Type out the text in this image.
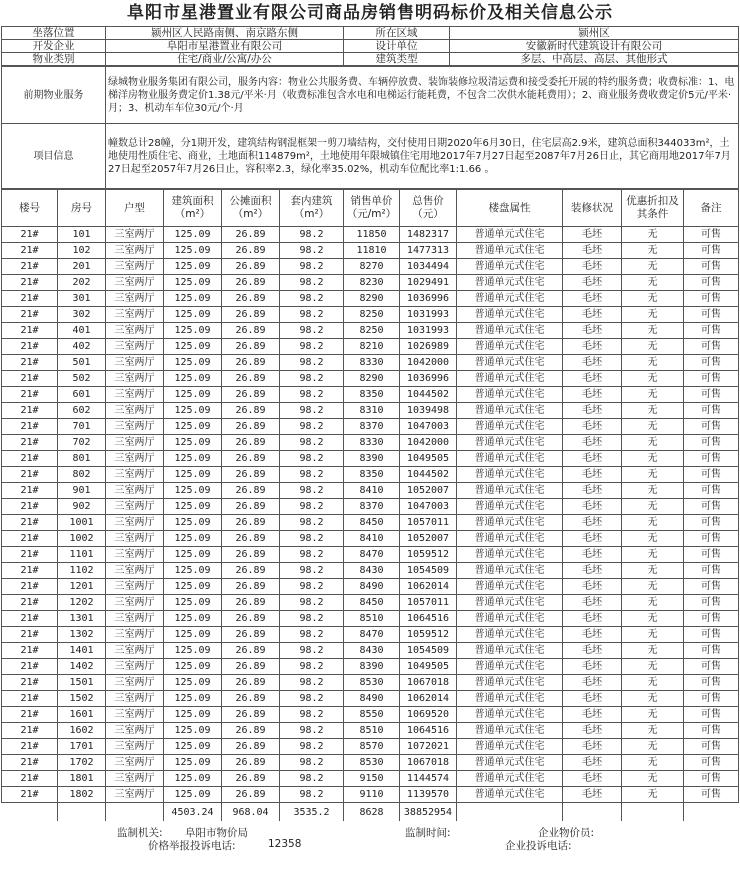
阜阳市星港置业有限公司商品房销售明码标价及相关信息公示
坐落位置	颍州区人民路南侧、南京路东侧	所在区域	颍州区
开发企业	阜阳市星港置业有限公司	设计单位	安徽新时代建筑设计有限公司
物业类别	住宅/商业/公寓/办公	建筑类型	多层、中高层、高层、其他形式
前期物业服务	绿城物业服务集团有限公司，服务内容：物业公共服务费、车辆停放费、装饰装修垃圾清运费和接受委托开展的特约服务费；收费标准：1、电梯洋房物业服务费定价1.38元/平米·月（收费标准包含水电和电梯运行能耗费，不包含二次供水能耗费用）；2、商业服务费收费定价5元/平米·月；3、机动车车位30元/个·月
项目信息	幢数总计28幢，分1期开发，建筑结构钢混框架一剪刀墙结构，交付使用日期2020年6月30日，住宅层高2.9米，建筑总面积344033m²，土地使用性质住宅、商业，土地面积114879m²，土地使用年限城镇住宅用地2017年7月27日起至2087年7月26日止，其它商用地2017年7月27日起至2057年7月26日止，容积率2.3，绿化率35.02%，机动车位配比率1:1.66 。
楼号	房号	户型	建筑面积（m²）	公摊面积（m²）	套内建筑（m²）	销售单价（元/m²）	总售价（元）	楼盘属性	装修状况	优惠折扣及其条件	备注
21#	101	三室两厅	125.09	26.89	98.2	11850	1482317	普通单元式住宅	毛坯	无	可售
21#	102	三室两厅	125.09	26.89	98.2	11810	1477313	普通单元式住宅	毛坯	无	可售
21#	201	三室两厅	125.09	26.89	98.2	8270	1034494	普通单元式住宅	毛坯	无	可售
21#	202	三室两厅	125.09	26.89	98.2	8230	1029491	普通单元式住宅	毛坯	无	可售
21#	301	三室两厅	125.09	26.89	98.2	8290	1036996	普通单元式住宅	毛坯	无	可售
21#	302	三室两厅	125.09	26.89	98.2	8250	1031993	普通单元式住宅	毛坯	无	可售
21#	401	三室两厅	125.09	26.89	98.2	8250	1031993	普通单元式住宅	毛坯	无	可售
21#	402	三室两厅	125.09	26.89	98.2	8210	1026989	普通单元式住宅	毛坯	无	可售
21#	501	三室两厅	125.09	26.89	98.2	8330	1042000	普通单元式住宅	毛坯	无	可售
21#	502	三室两厅	125.09	26.89	98.2	8290	1036996	普通单元式住宅	毛坯	无	可售
21#	601	三室两厅	125.09	26.89	98.2	8350	1044502	普通单元式住宅	毛坯	无	可售
21#	602	三室两厅	125.09	26.89	98.2	8310	1039498	普通单元式住宅	毛坯	无	可售
21#	701	三室两厅	125.09	26.89	98.2	8370	1047003	普通单元式住宅	毛坯	无	可售
21#	702	三室两厅	125.09	26.89	98.2	8330	1042000	普通单元式住宅	毛坯	无	可售
21#	801	三室两厅	125.09	26.89	98.2	8390	1049505	普通单元式住宅	毛坯	无	可售
21#	802	三室两厅	125.09	26.89	98.2	8350	1044502	普通单元式住宅	毛坯	无	可售
21#	901	三室两厅	125.09	26.89	98.2	8410	1052007	普通单元式住宅	毛坯	无	可售
21#	902	三室两厅	125.09	26.89	98.2	8370	1047003	普通单元式住宅	毛坯	无	可售
21#	1001	三室两厅	125.09	26.89	98.2	8450	1057011	普通单元式住宅	毛坯	无	可售
21#	1002	三室两厅	125.09	26.89	98.2	8410	1052007	普通单元式住宅	毛坯	无	可售
21#	1101	三室两厅	125.09	26.89	98.2	8470	1059512	普通单元式住宅	毛坯	无	可售
21#	1102	三室两厅	125.09	26.89	98.2	8430	1054509	普通单元式住宅	毛坯	无	可售
21#	1201	三室两厅	125.09	26.89	98.2	8490	1062014	普通单元式住宅	毛坯	无	可售
21#	1202	三室两厅	125.09	26.89	98.2	8450	1057011	普通单元式住宅	毛坯	无	可售
21#	1301	三室两厅	125.09	26.89	98.2	8510	1064516	普通单元式住宅	毛坯	无	可售
21#	1302	三室两厅	125.09	26.89	98.2	8470	1059512	普通单元式住宅	毛坯	无	可售
21#	1401	三室两厅	125.09	26.89	98.2	8430	1054509	普通单元式住宅	毛坯	无	可售
21#	1402	三室两厅	125.09	26.89	98.2	8390	1049505	普通单元式住宅	毛坯	无	可售
21#	1501	三室两厅	125.09	26.89	98.2	8530	1067018	普通单元式住宅	毛坯	无	可售
21#	1502	三室两厅	125.09	26.89	98.2	8490	1062014	普通单元式住宅	毛坯	无	可售
21#	1601	三室两厅	125.09	26.89	98.2	8550	1069520	普通单元式住宅	毛坯	无	可售
21#	1602	三室两厅	125.09	26.89	98.2	8510	1064516	普通单元式住宅	毛坯	无	可售
21#	1701	三室两厅	125.09	26.89	98.2	8570	1072021	普通单元式住宅	毛坯	无	可售
21#	1702	三室两厅	125.09	26.89	98.2	8530	1067018	普通单元式住宅	毛坯	无	可售
21#	1801	三室两厅	125.09	26.89	98.2	9150	1144574	普通单元式住宅	毛坯	无	可售
21#	1802	三室两厅	125.09	26.89	98.2	9110	1139570	普通单元式住宅	毛坯	无	可售
			4503.24	968.04	3535.2	8628	38852954				
监制机关: 阜阳市物价局
价格举报投诉电话:	12358
监制时间:	企业物价员:
企业投诉电话:
